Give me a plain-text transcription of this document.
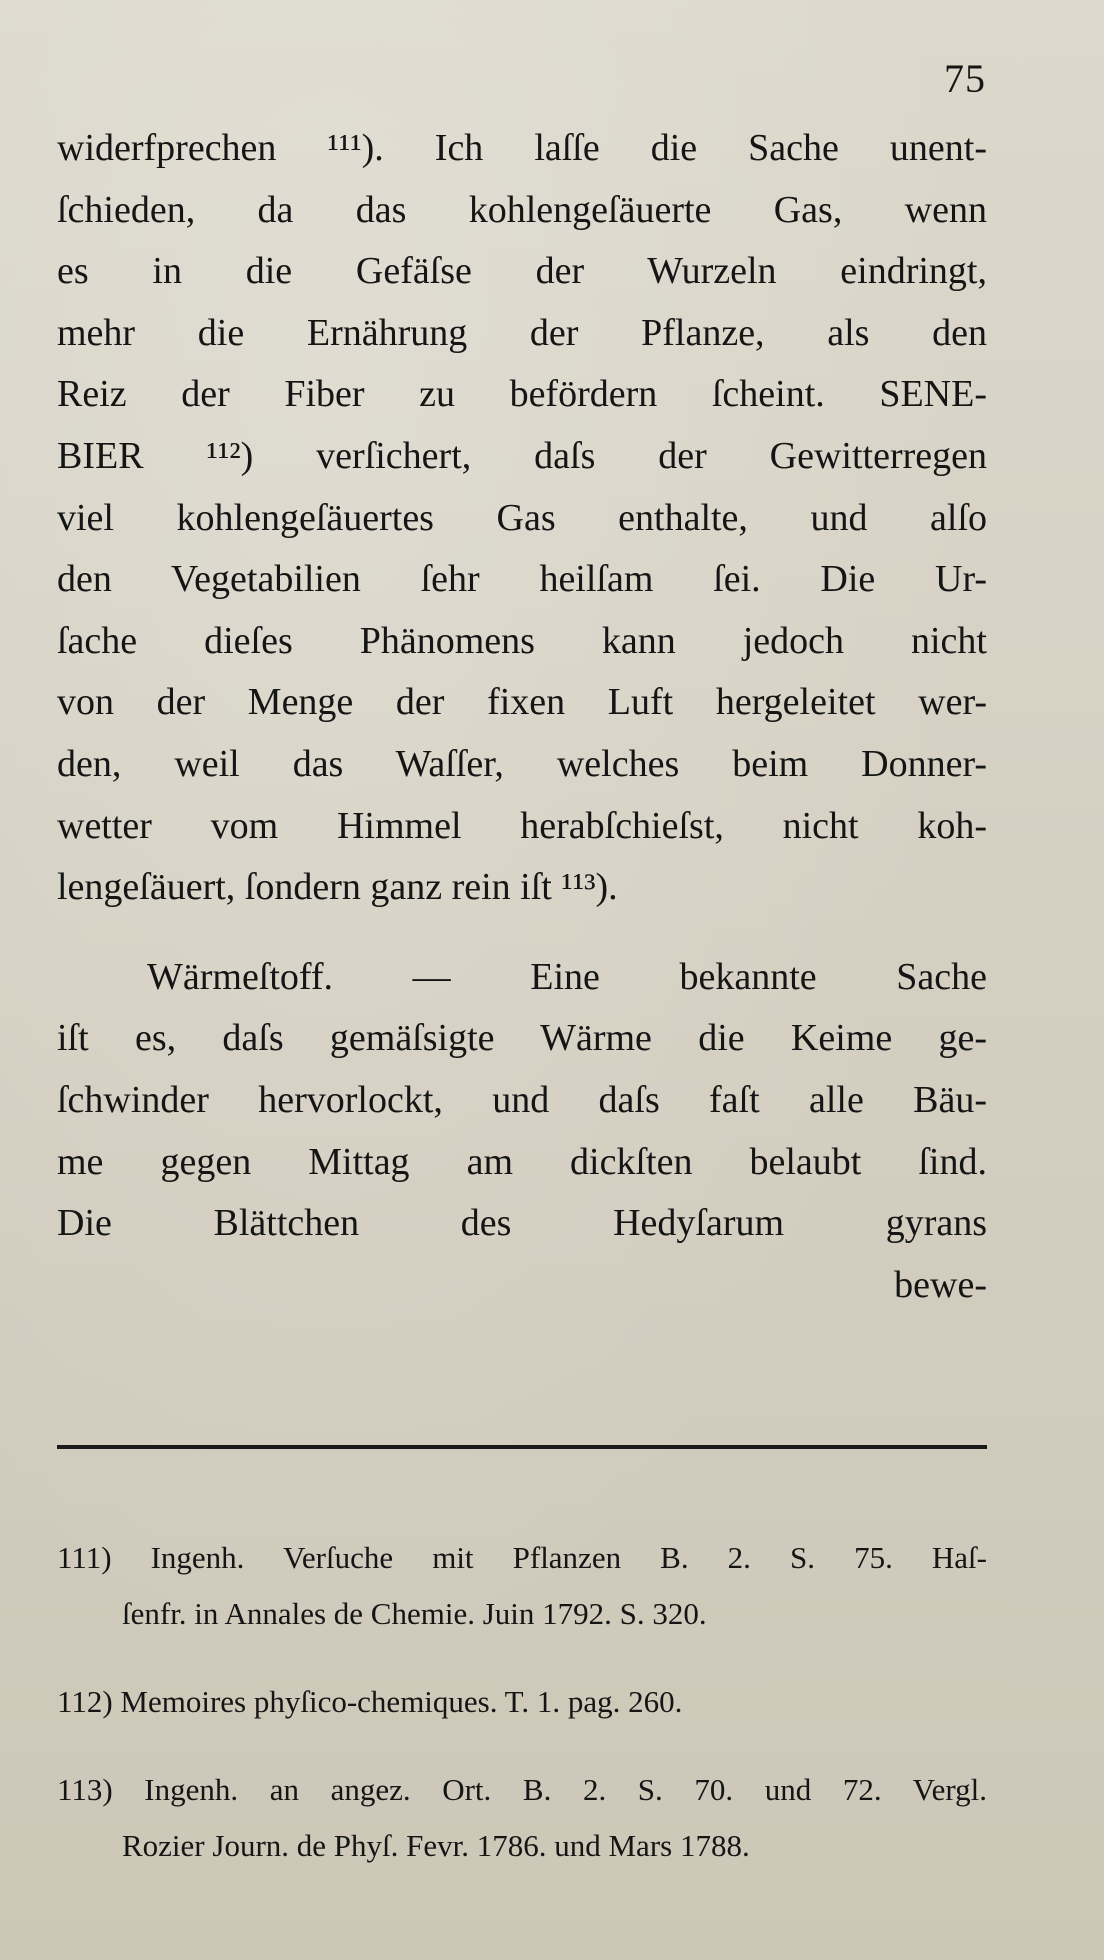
75

widerfprechen ¹¹¹). Ich laſſe die Sache unent-
ſchieden, da das kohlengeſäuerte Gas, wenn
es in die Gefäſse der Wurzeln eindringt,
mehr die Ernährung der Pflanze, als den
Reiz der Fiber zu befördern ſcheint. SENE-
BIER ¹¹²) verſichert, daſs der Gewitterregen
viel kohlengeſäuertes Gas enthalte, und alſo
den Vegetabilien ſehr heilſam ſei. Die Ur-
ſache dieſes Phänomens kann jedoch nicht
von der Menge der fixen Luft hergeleitet wer-
den, weil das Waſſer, welches beim Donner-
wetter vom Himmel herabſchieſst, nicht koh-
lengeſäuert, ſondern ganz rein iſt ¹¹³).

Wärmeſtoff. — Eine bekannte Sache
iſt es, daſs gemäſsigte Wärme die Keime ge-
ſchwinder hervorlockt, und daſs faſt alle Bäu-
me gegen Mittag am dickſten belaubt ſind.
Die Blättchen des Hedyſarum gyrans
bewe-

111) Ingenh. Verſuche mit Pflanzen B. 2. S. 75. Haſ-
ſenfr. in Annales de Chemie. Juin 1792. S. 320.

112) Memoires phyſico-chemiques. T. 1. pag. 260.

113) Ingenh. an angez. Ort. B. 2. S. 70. und 72. Vergl.
Rozier Journ. de Phyſ. Fevr. 1786. und Mars 1788.
